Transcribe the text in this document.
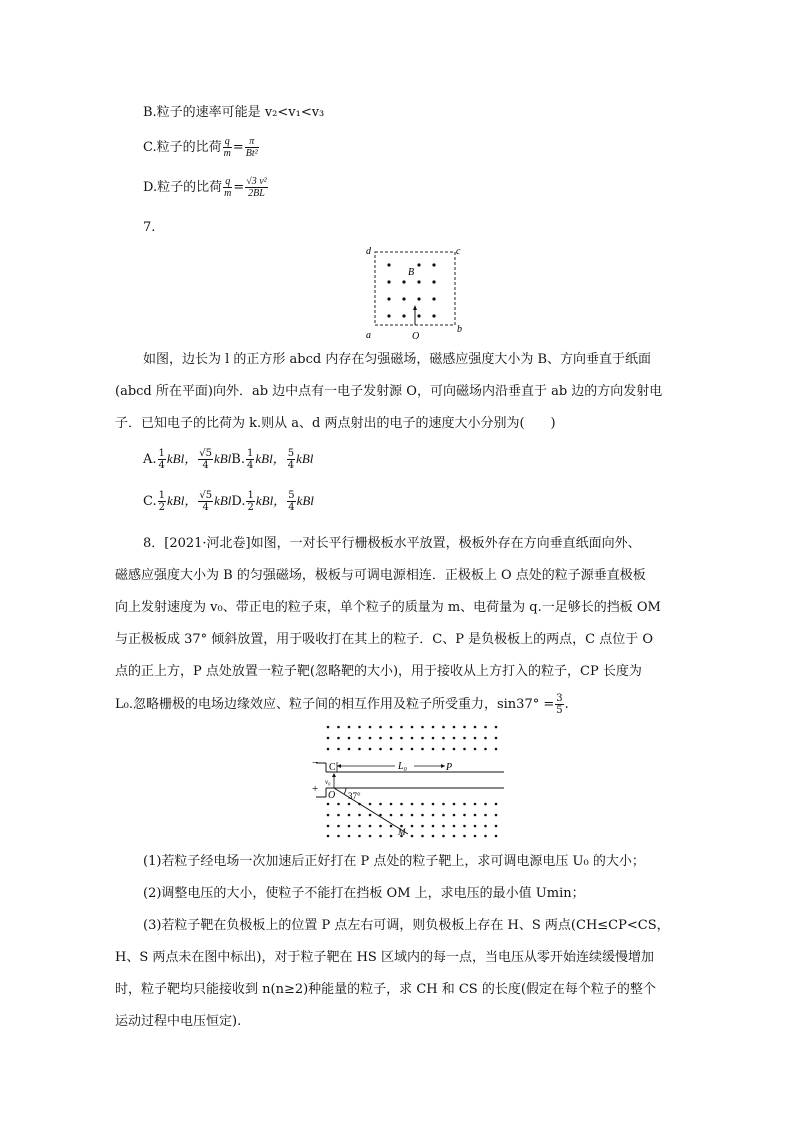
B.粒子的速率可能是 v₂<v₁<v₃
C.粒子的比荷 $\frac{q}{m} = \frac{\pi}{\text{Bt²}}$
D.粒子的比荷 $\frac{q}{m} = \frac{\text{√3 v²}}{2BL}$
7.
a
b
c
d
B
O
如图，边长为 l 的正方形 abcd 内存在匀强磁场，磁感应强度大小为 B、方向垂直于纸面
(abcd 所在平面)向外．ab 边中点有一电子发射源 O，可向磁场内沿垂直于 ab 边的方向发射电
子．已知电子的比荷为 k.则从 a、d 两点射出的电子的速度大小分别为(　　)
A. $\frac{1}{4}$ kBl， $\frac{√5}{4}$ kBlB. $\frac{1}{4}$ kBl， $\frac{5}{4}$ kBl
C. $\frac{1}{2}$ kBl， $\frac{√5}{4}$ kBlD. $\frac{1}{2}$ kBl， $\frac{5}{4}$ kBl
8．[2021·河北卷]如图，一对长平行栅极板水平放置，极板外存在方向垂直纸面向外、
磁感应强度大小为 B 的匀强磁场，极板与可调电源相连．正极板上 O 点处的粒子源垂直极板
向上发射速度为 v₀、带正电的粒子束，单个粒子的质量为 m、电荷量为 q.一足够长的挡板 OM
与正极板成 37° 倾斜放置，用于吸收打在其上的粒子．C、P 是负极板上的两点，C 点位于 O
点的正上方，P 点处放置一粒子靶(忽略靶的大小)，用于接收从上方打入的粒子，CP 长度为
L₀.忽略栅极的电场边缘效应、粒子间的相互作用及粒子所受重力，$\sin 37^\circ = \frac{3}{5}$ .
−
+
C	L₀	P
v₀
O 37°
M
(1)若粒子经电场一次加速后正好打在 P 点处的粒子靶上，求可调电源电压 U₀ 的大小；
(2)调整电压的大小，使粒子不能打在挡板 OM 上，求电压的最小值 Umin；
(3)若粒子靶在负极板上的位置 P 点左右可调，则负极板上存在 H、S 两点(CH≤CP<CS，
H、S 两点未在图中标出)，对于粒子靶在 HS 区域内的每一点，当电压从零开始连续缓慢增加
时，粒子靶均只能接收到 n(n≥2)种能量的粒子，求 CH 和 CS 的长度(假定在每个粒子的整个
运动过程中电压恒定).
